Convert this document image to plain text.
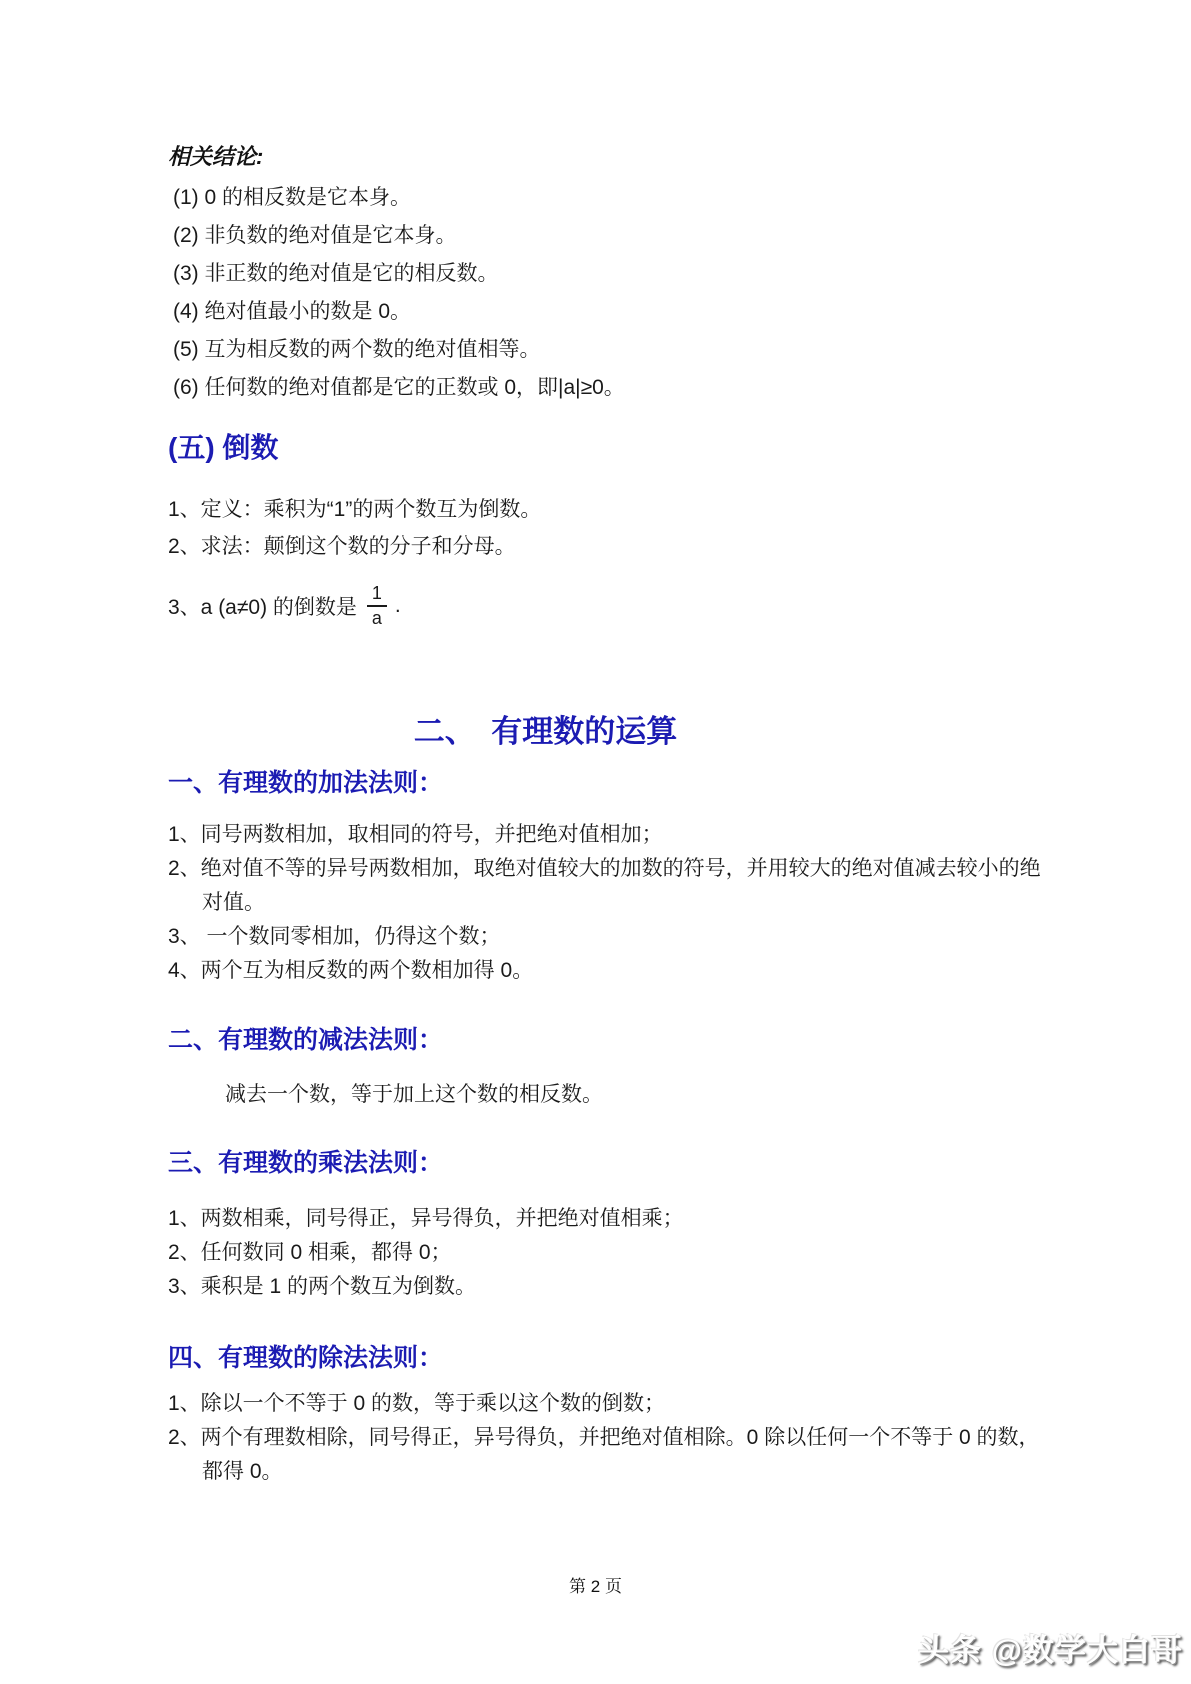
相关结论:
(1) 0 的相反数是它本身。
(2) 非负数的绝对值是它本身。
(3) 非正数的绝对值是它的相反数。
(4) 绝对值最小的数是 0。
(5) 互为相反数的两个数的绝对值相等。
(6) 任何数的绝对值都是它的正数或 0，即|a|≥0。
(五) 倒数
1、定义：乘积为“1”的两个数互为倒数。
2、求法：颠倒这个数的分子和分母。
3、a (a≠0) 的倒数是 $\frac{1}{a}$ .
二、　有理数的运算
一、有理数的加法法则：
1、同号两数相加，取相同的符号，并把绝对值相加；
2、绝对值不等的异号两数相加，取绝对值较大的加数的符号，并用较大的绝对值减去较小的绝对值。
3、 一个数同零相加，仍得这个数；
4、两个互为相反数的两个数相加得 0。
二、有理数的减法法则：
减去一个数，等于加上这个数的相反数。
三、有理数的乘法法则：
1、两数相乘，同号得正，异号得负，并把绝对值相乘；
2、任何数同 0 相乘，都得 0；
3、乘积是 1 的两个数互为倒数。
四、有理数的除法法则：
1、除以一个不等于 0 的数，等于乘以这个数的倒数；
2、两个有理数相除，同号得正，异号得负，并把绝对值相除。0 除以任何一个不等于 0 的数，都得 0。
第 2 页
头条 @数学大白哥
